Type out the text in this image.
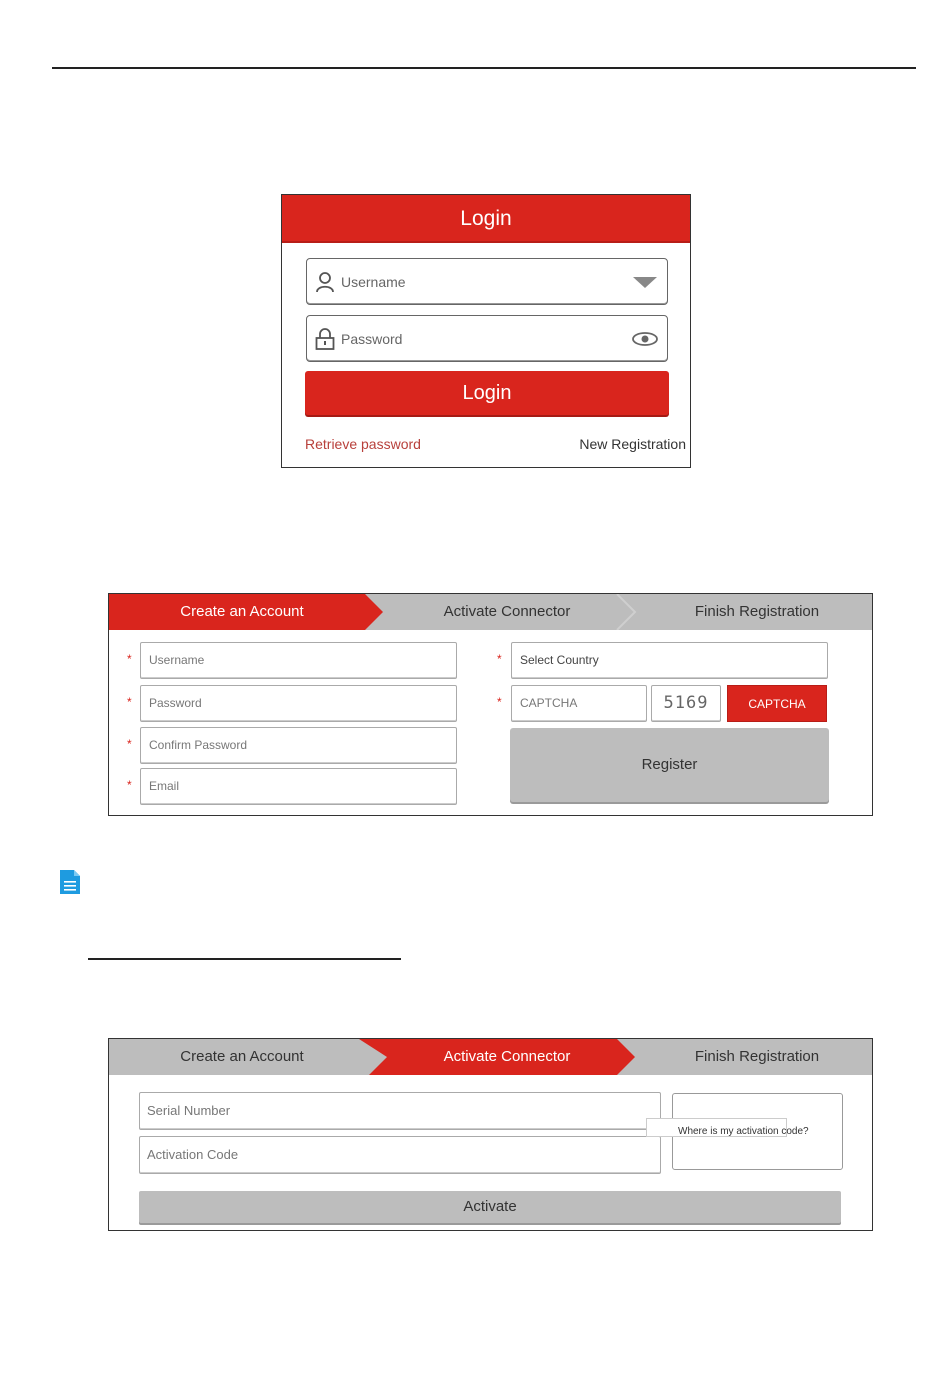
Login
Username
Password
Login
Retrieve password	New Registration
Create an Account	Activate Connector	Finish Registration
*	Username
*	Password
*	Confirm Password
*	Email
*	Select Country
*	CAPTCHA	5169	CAPTCHA
Register
Create an Account	Activate Connector	Finish Registration
Serial Number
Activation Code
Where is my activation code?
Activate
